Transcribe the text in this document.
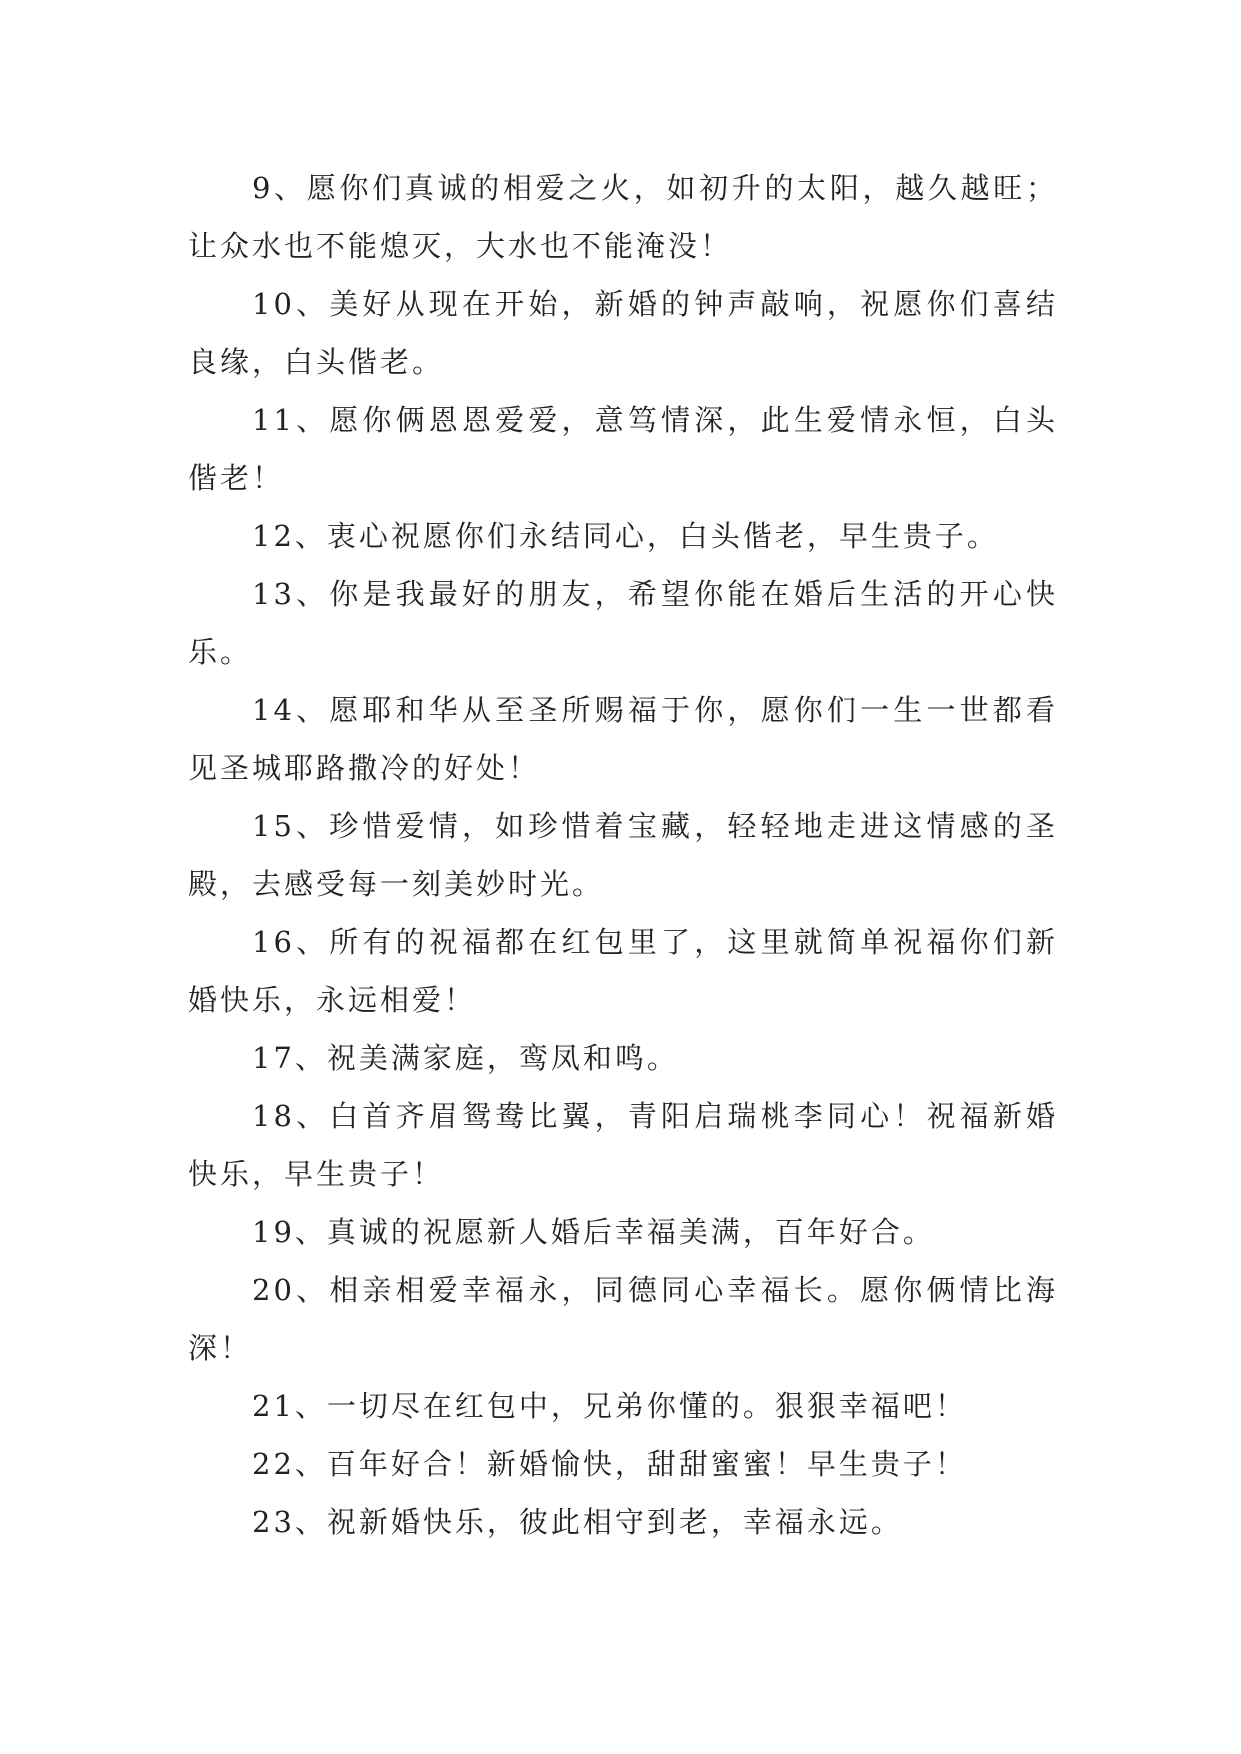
9、愿你们真诚的相爱之火，如初升的太阳，越久越旺；让众水也不能熄灭，大水也不能淹没！

10、美好从现在开始，新婚的钟声敲响，祝愿你们喜结良缘，白头偕老。

11、愿你俩恩恩爱爱，意笃情深，此生爱情永恒，白头偕老！

12、衷心祝愿你们永结同心，白头偕老，早生贵子。

13、你是我最好的朋友，希望你能在婚后生活的开心快乐。

14、愿耶和华从至圣所赐福于你，愿你们一生一世都看见圣城耶路撒冷的好处！

15、珍惜爱情，如珍惜着宝藏，轻轻地走进这情感的圣殿，去感受每一刻美妙时光。

16、所有的祝福都在红包里了，这里就简单祝福你们新婚快乐，永远相爱！

17、祝美满家庭，鸾凤和鸣。

18、白首齐眉鸳鸯比翼，青阳启瑞桃李同心！祝福新婚快乐，早生贵子！

19、真诚的祝愿新人婚后幸福美满，百年好合。

20、相亲相爱幸福永，同德同心幸福长。愿你俩情比海深！

21、一切尽在红包中，兄弟你懂的。狠狠幸福吧！

22、百年好合！新婚愉快，甜甜蜜蜜！早生贵子！

23、祝新婚快乐，彼此相守到老，幸福永远。
